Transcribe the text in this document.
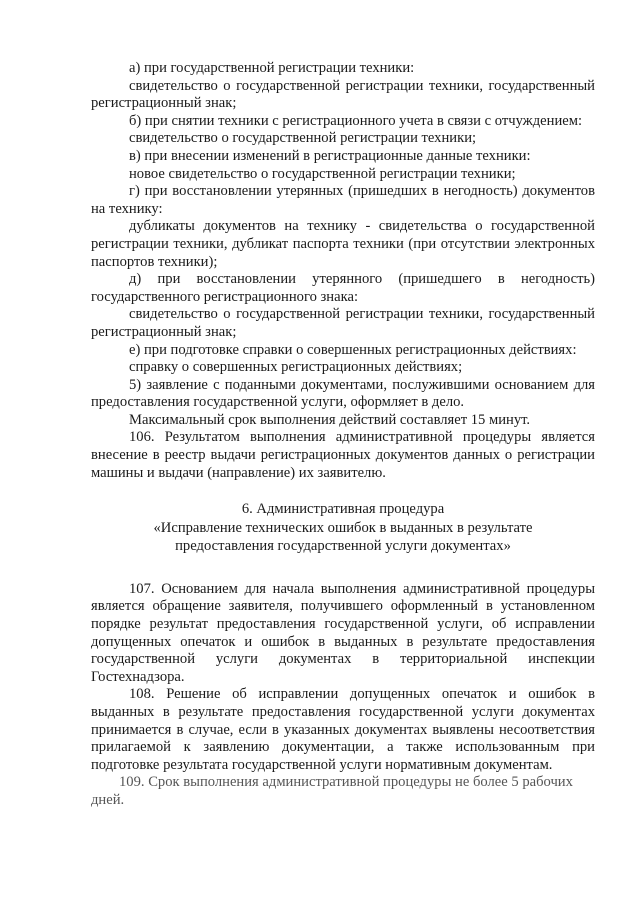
а) при государственной регистрации техники:

свидетельство о государственной регистрации техники, государственный регистрационный знак;

б) при снятии техники с регистрационного учета в связи с отчуждением:

свидетельство о государственной регистрации техники;

в) при внесении изменений в регистрационные данные техники:

новое свидетельство о государственной регистрации техники;

г) при восстановлении утерянных (пришедших в негодность) документов на технику:

дубликаты документов на технику - свидетельства о государственной регистрации техники, дубликат паспорта техники (при отсутствии электронных паспортов техники);

д) при восстановлении утерянного (пришедшего в негодность) государственного регистрационного знака:

свидетельство о государственной регистрации техники, государственный регистрационный знак;

е) при подготовке справки о совершенных регистрационных действиях:

справку о совершенных регистрационных действиях;

5) заявление с поданными документами, послужившими основанием для предоставления государственной услуги, оформляет в дело.

Максимальный срок выполнения действий составляет 15 минут.

106. Результатом выполнения административной процедуры является внесение в реестр выдачи регистрационных документов данных о регистрации машины и выдачи (направление) их заявителю.

6. Административная процедура

«Исправление технических ошибок в выданных в результате

предоставления государственной услуги документах»

107. Основанием для начала выполнения административной процедуры является обращение заявителя, получившего оформленный в установленном порядке результат предоставления государственной услуги, об исправлении допущенных опечаток и ошибок в выданных в результате предоставления государственной услуги документах в территориальной инспекции Гостехнадзора.

108. Решение об исправлении допущенных опечаток и ошибок в выданных в результате предоставления государственной услуги документах принимается в случае, если в указанных документах выявлены несоответствия прилагаемой к заявлению документации, а также использованным при подготовке результата государственной услуги нормативным документам.

109. Срок выполнения административной процедуры не более 5 рабочих
дней.
